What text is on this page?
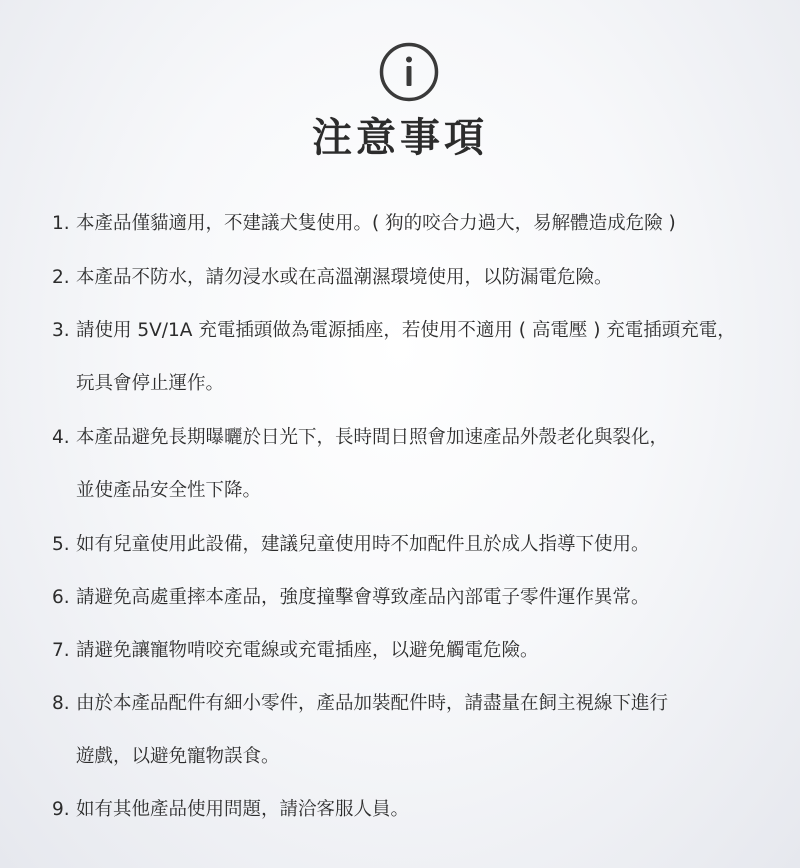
注意事項
1. 本產品僅貓適用，不建議犬隻使用。( 狗的咬合力過大，易解體造成危險 )
2. 本產品不防水，請勿浸水或在高溫潮濕環境使用，以防漏電危險。
3. 請使用 5V/1A 充電插頭做為電源插座，若使用不適用 ( 高電壓 ) 充電插頭充電，
玩具會停止運作。
4. 本產品避免長期曝曬於日光下，長時間日照會加速產品外殼老化與裂化，
並使產品安全性下降。
5. 如有兒童使用此設備，建議兒童使用時不加配件且於成人指導下使用。
6. 請避免高處重摔本產品，強度撞擊會導致產品內部電子零件運作異常。
7. 請避免讓寵物啃咬充電線或充電插座，以避免觸電危險。
8. 由於本產品配件有細小零件，產品加裝配件時，請盡量在飼主視線下進行
遊戲，以避免寵物誤食。
9. 如有其他產品使用問題，請洽客服人員。
